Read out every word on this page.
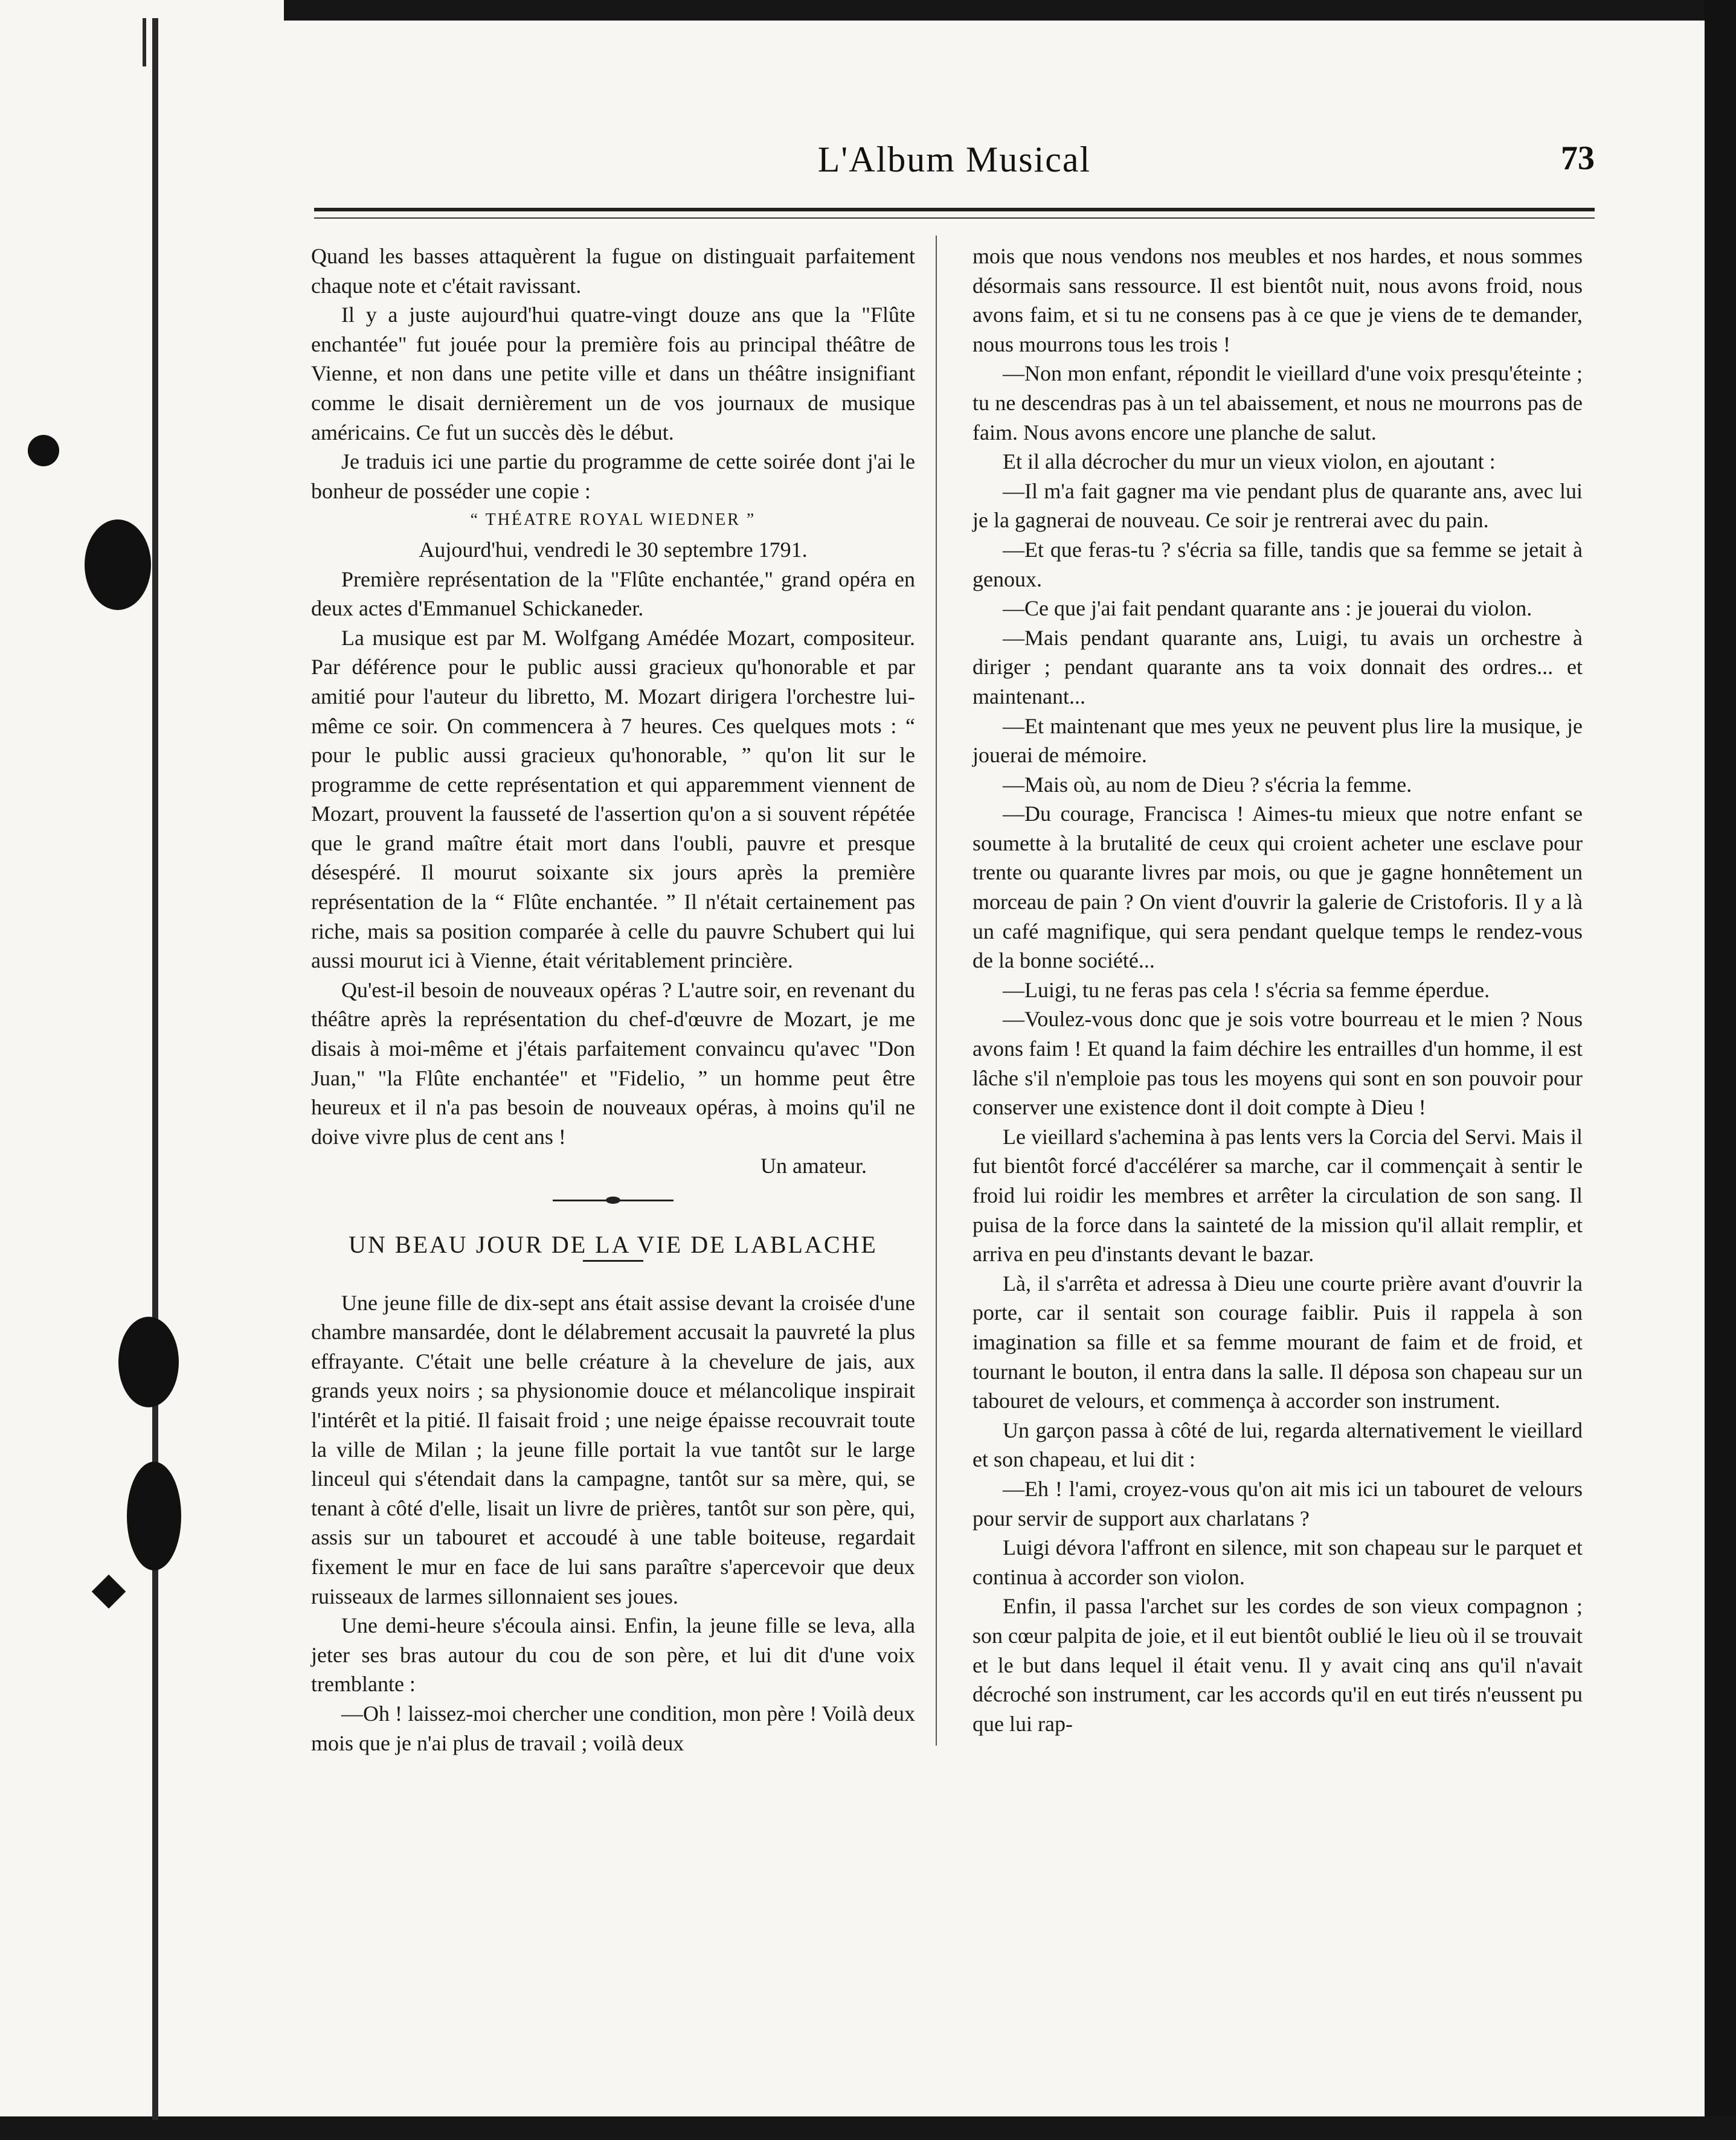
L'Album Musical	73

Quand les basses attaquèrent la fugue on distinguait parfaitement chaque note et c'était ravissant.

Il y a juste aujourd'hui quatre-vingt douze ans que la "Flûte enchantée" fut jouée pour la première fois au principal théâtre de Vienne, et non dans une petite ville et dans un théâtre insignifiant comme le disait dernièrement un de vos journaux de musique américains. Ce fut un succès dès le début.

Je traduis ici une partie du programme de cette soirée dont j'ai le bonheur de posséder une copie :

“ THÉATRE ROYAL WIEDNER ”

Aujourd'hui, vendredi le 30 septembre 1791.

Première représentation de la "Flûte enchantée," grand opéra en deux actes d'Emmanuel Schickaneder.

La musique est par M. Wolfgang Amédée Mozart, compositeur. Par déférence pour le public aussi gracieux qu'honorable et par amitié pour l'auteur du libretto, M. Mozart dirigera l'orchestre lui-même ce soir. On commencera à 7 heures. Ces quelques mots : “ pour le public aussi gracieux qu'honorable, ” qu'on lit sur le programme de cette représentation et qui apparemment viennent de Mozart, prouvent la fausseté de l'assertion qu'on a si souvent répétée que le grand maître était mort dans l'oubli, pauvre et presque désespéré. Il mourut soixante six jours après la première représentation de la “ Flûte enchantée. ” Il n'était certainement pas riche, mais sa position comparée à celle du pauvre Schubert qui lui aussi mourut ici à Vienne, était véritablement princière.

Qu'est-il besoin de nouveaux opéras ? L'autre soir, en revenant du théâtre après la représentation du chef-d'œuvre de Mozart, je me disais à moi-même et j'étais parfaitement convaincu qu'avec "Don Juan," "la Flûte enchantée" et "Fidelio, ” un homme peut être heureux et il n'a pas besoin de nouveaux opéras, à moins qu'il ne doive vivre plus de cent ans !

Un amateur.

UN BEAU JOUR DE LA VIE DE LABLACHE

Une jeune fille de dix-sept ans était assise devant la croisée d'une chambre mansardée, dont le délabrement accusait la pauvreté la plus effrayante. C'était une belle créature à la chevelure de jais, aux grands yeux noirs ; sa physionomie douce et mélancolique inspirait l'intérêt et la pitié. Il faisait froid ; une neige épaisse recouvrait toute la ville de Milan ; la jeune fille portait la vue tantôt sur le large linceul qui s'étendait dans la campagne, tantôt sur sa mère, qui, se tenant à côté d'elle, lisait un livre de prières, tantôt sur son père, qui, assis sur un tabouret et accoudé à une table boiteuse, regardait fixement le mur en face de lui sans paraître s'apercevoir que deux ruisseaux de larmes sillonnaient ses joues.

Une demi-heure s'écoula ainsi. Enfin, la jeune fille se leva, alla jeter ses bras autour du cou de son père, et lui dit d'une voix tremblante :

—Oh ! laissez-moi chercher une condition, mon père ! Voilà deux mois que je n'ai plus de travail ; voilà deux

mois que nous vendons nos meubles et nos hardes, et nous sommes désormais sans ressource. Il est bientôt nuit, nous avons froid, nous avons faim, et si tu ne consens pas à ce que je viens de te demander, nous mourrons tous les trois !

—Non mon enfant, répondit le vieillard d'une voix presqu'éteinte ; tu ne descendras pas à un tel abaissement, et nous ne mourrons pas de faim. Nous avons encore une planche de salut.

Et il alla décrocher du mur un vieux violon, en ajoutant :

—Il m'a fait gagner ma vie pendant plus de quarante ans, avec lui je la gagnerai de nouveau. Ce soir je rentrerai avec du pain.

—Et que feras-tu ? s'écria sa fille, tandis que sa femme se jetait à genoux.

—Ce que j'ai fait pendant quarante ans : je jouerai du violon.

—Mais pendant quarante ans, Luigi, tu avais un orchestre à diriger ; pendant quarante ans ta voix donnait des ordres... et maintenant...

—Et maintenant que mes yeux ne peuvent plus lire la musique, je jouerai de mémoire.

—Mais où, au nom de Dieu ? s'écria la femme.

—Du courage, Francisca ! Aimes-tu mieux que notre enfant se soumette à la brutalité de ceux qui croient acheter une esclave pour trente ou quarante livres par mois, ou que je gagne honnêtement un morceau de pain ? On vient d'ouvrir la galerie de Cristoforis. Il y a là un café magnifique, qui sera pendant quelque temps le rendez-vous de la bonne société...

—Luigi, tu ne feras pas cela ! s'écria sa femme éperdue.

—Voulez-vous donc que je sois votre bourreau et le mien ? Nous avons faim ! Et quand la faim déchire les entrailles d'un homme, il est lâche s'il n'emploie pas tous les moyens qui sont en son pouvoir pour conserver une existence dont il doit compte à Dieu !

Le vieillard s'achemina à pas lents vers la Corcia del Servi. Mais il fut bientôt forcé d'accélérer sa marche, car il commençait à sentir le froid lui roidir les membres et arrêter la circulation de son sang. Il puisa de la force dans la sainteté de la mission qu'il allait remplir, et arriva en peu d'instants devant le bazar.

Là, il s'arrêta et adressa à Dieu une courte prière avant d'ouvrir la porte, car il sentait son courage faiblir. Puis il rappela à son imagination sa fille et sa femme mourant de faim et de froid, et tournant le bouton, il entra dans la salle. Il déposa son chapeau sur un tabouret de velours, et commença à accorder son instrument.

Un garçon passa à côté de lui, regarda alternativement le vieillard et son chapeau, et lui dit :

—Eh ! l'ami, croyez-vous qu'on ait mis ici un tabouret de velours pour servir de support aux charlatans ?

Luigi dévora l'affront en silence, mit son chapeau sur le parquet et continua à accorder son violon.

Enfin, il passa l'archet sur les cordes de son vieux compagnon ; son cœur palpita de joie, et il eut bientôt oublié le lieu où il se trouvait et le but dans lequel il était venu. Il y avait cinq ans qu'il n'avait décroché son instrument, car les accords qu'il en eut tirés n'eussent pu que lui rap-
